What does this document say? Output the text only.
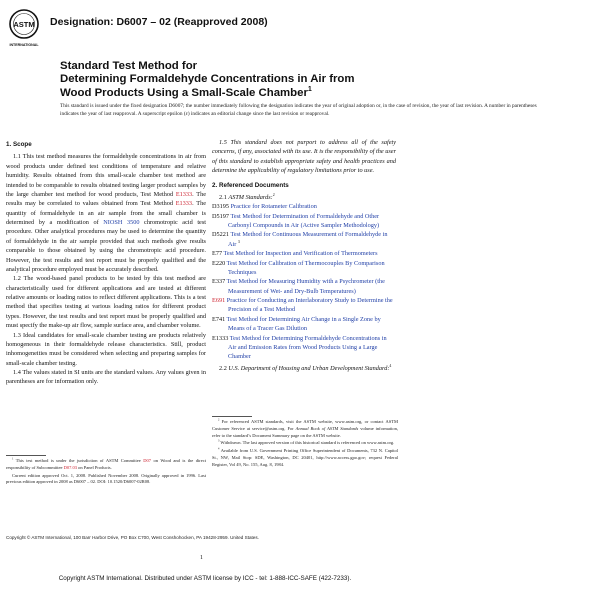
ASTM
INTERNATIONAL
Designation: D6007 – 02 (Reapproved 2008)
Standard Test Method for
Determining Formaldehyde Concentrations in Air from
Wood Products Using a Small-Scale Chamber$^1$
This standard is issued under the fixed designation D6007; the number immediately following the designation indicates the year of original adoption or, in the case of revision, the year of last revision. A number in parentheses indicates the year of last reapproval. A superscript epsilon (ε) indicates an editorial change since the last revision or reapproval.
1. Scope

1.1 This test method measures the formaldehyde concentrations in air from wood products under defined test conditions of temperature and relative humidity. Results obtained from this small-scale chamber test method are intended to be comparable to results obtained testing larger product samples by the large chamber test method for wood products, Test Method E1333. The results may be correlated to values obtained from Test Method E1333. The quantity of formaldehyde in an air sample from the small chamber is determined by a modification of NIOSH 3500 chromotropic acid test procedure. Other analytical procedures may be used to determine the quantity of formaldehyde in the air sample provided that such methods give results comparable to those obtained by using the chromotropic acid procedure. However, the test results and test report must be properly qualified and the analytical procedure employed must be accurately described.

1.2 The wood-based panel products to be tested by this test method are characteristically used for different applications and are tested at different relative amounts or loading ratios to reflect different applications. This is a test method that specifies testing at various loading ratios for different product types. However, the test results and test report must be properly qualified and must specify the make-up air flow, sample surface area, and chamber volume.

1.3 Ideal candidates for small-scale chamber testing are products relatively homogeneous in their formaldehyde release characteristics. Still, product inhomogeneities must be considered when selecting and preparing samples for small-scale chamber testing.

1.4 The values stated in SI units are the standard values. Any values given in parentheses are for information only.

1.5 This standard does not purport to address all of the safety concerns, if any, associated with its use. It is the responsibility of the user of this standard to establish appropriate safety and health practices and determine the applicability of regulatory limitations prior to use.

2. Referenced Documents

2.1 ASTM Standards:$^2$

D3195 Practice for Rotameter Calibration

D5197 Test Method for Determination of Formaldehyde and Other Carbonyl Compounds in Air (Active Sampler Methodology)

D5221 Test Method for Continuous Measurement of Formaldehyde in Air $^3$

E77 Test Method for Inspection and Verification of Thermometers

E220 Test Method for Calibration of Thermocouples By Comparison Techniques

E337 Test Method for Measuring Humidity with a Psychrometer (the Measurement of Wet- and Dry-Bulb Temperatures)

E691 Practice for Conducting an Interlaboratory Study to Determine the Precision of a Test Method

E741 Test Method for Determining Air Change in a Single Zone by Means of a Tracer Gas Dilution

E1333 Test Method for Determining Formaldehyde Concentrations in Air and Emission Rates from Wood Products Using a Large Chamber

2.2 U.S. Department of Housing and Urban Development Standard:$^4$

$^1$ This test method is under the jurisdiction of ASTM Committee D07 on Wood and is the direct responsibility of Subcommittee D07.03 on Panel Products.

Current edition approved Oct. 1, 2008. Published November 2008. Originally approved in 1996. Last previous edition approved in 2008 as D6007 – 02. DOI: 10.1520/D6007-02R08.

$^2$ For referenced ASTM standards, visit the ASTM website, www.astm.org, or contact ASTM Customer Service at service@astm.org. For Annual Book of ASTM Standards volume information, refer to the standard’s Document Summary page on the ASTM website.

$^3$ Withdrawn. The last approved version of this historical standard is referenced on www.astm.org.

$^4$ Available from U.S. Government Printing Office Superintendent of Documents, 732 N. Capitol St., NW, Mail Stop: SDE, Washington, DC 20401, http://www.access.gpo.gov; request Federal Register, Vol 49, No. 155, Aug. 8, 1984.

Copyright © ASTM International, 100 Barr Harbor Drive, PO Box C700, West Conshohocken, PA 19428-2959. United States.
1
Copyright ASTM International. Distributed under ASTM license by ICC - tel: 1-888-ICC-SAFE (422-7233).
